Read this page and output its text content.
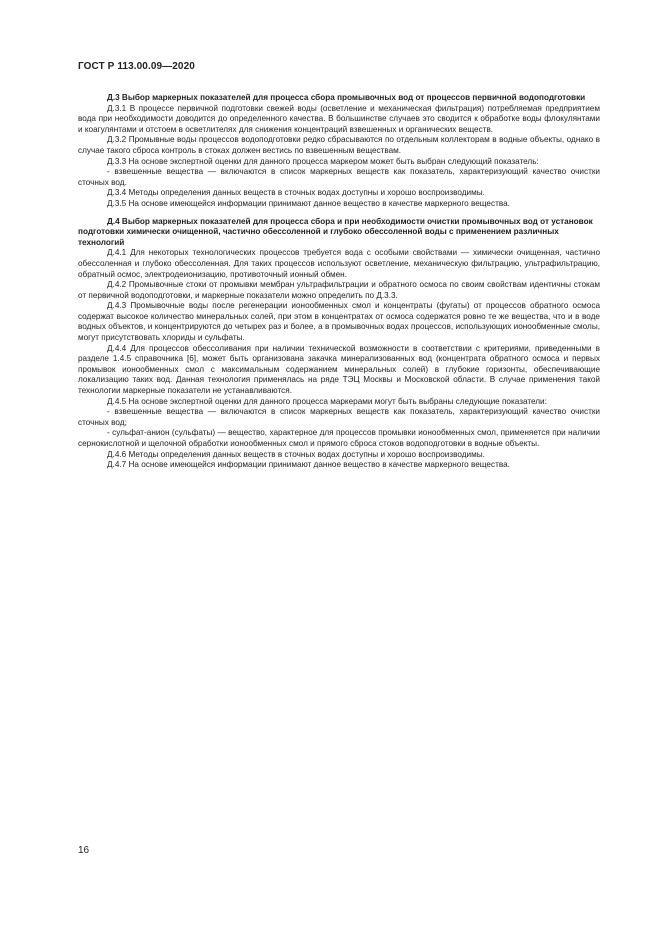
ГОСТ Р 113.00.09—2020
Д.3 Выбор маркерных показателей для процесса сбора промывочных вод от процессов первичной водоподготовки

Д.3.1 В процессе первичной подготовки свежей воды (осветление и механическая фильтрация) потребляемая предприятием вода при необходимости доводится до определенного качества. В большинстве случаев это сводится к обработке воды флокулянтами и коагулянтами и отстоем в осветлителях для снижения концентраций взвешенных и органических веществ.

Д.3.2 Промывные воды процессов водоподготовки редко сбрасываются по отдельным коллекторам в водные объекты, однако в случае такого сброса контроль в стоках должен вестись по взвешенным веществам.

Д.3.3 На основе экспертной оценки для данного процесса маркером может быть выбран следующий показатель:

- взвешенные вещества — включаются в список маркерных веществ как показатель, характеризующий качество очистки сточных вод.

Д.3.4 Методы определения данных веществ в сточных водах доступны и хорошо воспроизводимы.

Д.3.5 На основе имеющейся информации принимают данное вещество в качестве маркерного вещества.

Д.4 Выбор маркерных показателей для процесса сбора и при необходимости очистки промывочных вод от установок подготовки химически очищенной, частично обессоленной и глубоко обессоленной воды с применением различных технологий

Д.4.1 Для некоторых технологических процессов требуется вода с особыми свойствами — химически очищенная, частично обессоленная и глубоко обессоленная. Для таких процессов используют осветление, механическую фильтрацию, ультрафильтрацию, обратный осмос, электродеионизацию, противоточный ионный обмен.

Д.4.2 Промывочные стоки от промывки мембран ультрафильтрации и обратного осмоса по своим свойствам идентичны стокам от первичной водоподготовки, и маркерные показатели можно определить по Д.3.3.

Д.4.3 Промывочные воды после регенерации ионообменных смол и концентраты (фугаты) от процессов обратного осмоса содержат высокое количество минеральных солей, при этом в концентратах от осмоса содержатся ровно те же вещества, что и в воде водных объектов, и концентрируются до четырех раз и более, а в промывочных водах процессов, использующих ионообменные смолы, могут присутствовать хлориды и сульфаты.

Д.4.4 Для процессов обессоливания при наличии технической возможности в соответствии с критериями, приведенными в разделе 1.4.5 справочника [6], может быть организована закачка минерализованных вод (концентрата обратного осмоса и первых промывок ионообменных смол с максимальным содержанием минеральных солей) в глубокие горизонты, обеспечивающие локализацию таких вод. Данная технология применялась на ряде ТЭЦ Москвы и Московской области. В случае применения такой технологии маркерные показатели не устанавливаются.

Д.4.5 На основе экспертной оценки для данного процесса маркерами могут быть выбраны следующие показатели:

- взвешенные вещества — включаются в список маркерных веществ как показатель, характеризующий качество очистки сточных вод;

- сульфат-анион (сульфаты) — вещество, характерное для процессов промывки ионообменных смол, применяется при наличии сернокислотной и щелочной обработки ионообменных смол и прямого сброса стоков водоподготовки в водные объекты.

Д.4.6 Методы определения данных веществ в сточных водах доступны и хорошо воспроизводимы.

Д.4.7 На основе имеющейся информации принимают данное вещество в качестве маркерного вещества.

16
